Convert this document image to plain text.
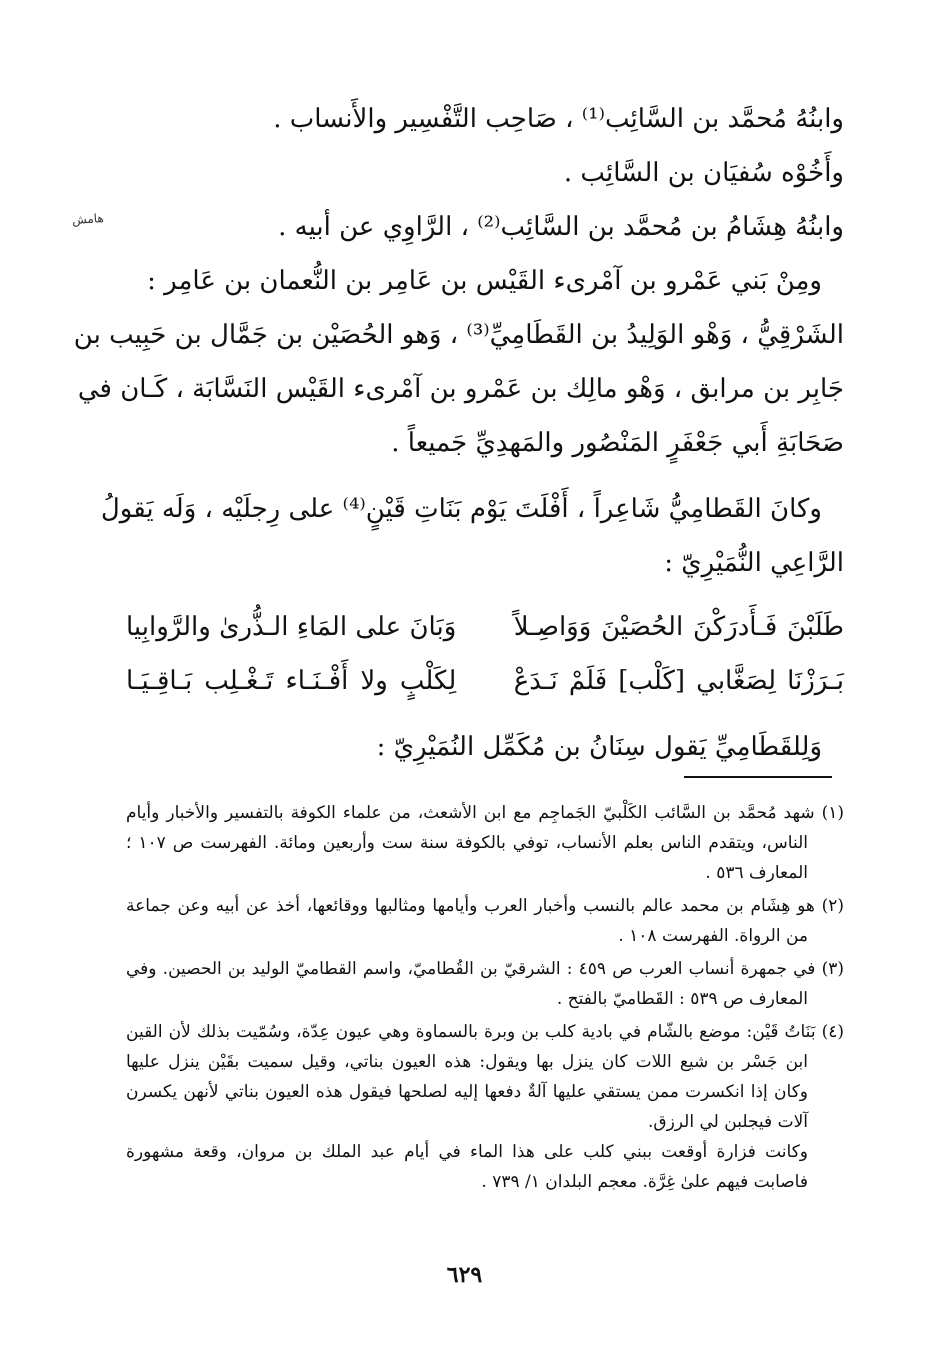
وابنُهُ مُحمَّد بن السَّائِب⁽¹⁾ ، صَاحِب التَّفْسِير والأَنساب .
وأَخُوْه سُفيَان بن السَّائِب .
وابنُهُ هِشَامُ بن مُحمَّد بن السَّائِب⁽²⁾ ، الرَّاوِي عن أبيه .
ومِنْ بَني عَمْرو بن آمْرىء القَيْس بن عَامِر بن النُّعمان بن عَامِر :
الشَرْقِيُّ ، وَهْو الوَلِيدُ بن القَطَامِيِّ⁽³⁾ ، وَهو الحُصَيْن بن جَمَّال بن حَبِيب بن
جَابِر بن مرابق ، وَهْو مالِك بن عَمْرو بن آمْرىء القَيْس النَسَّابَة ، كَـان في
صَحَابَةِ أَبي جَعْفَرٍ المَنْصُور والمَهدِيِّ جَميعاً .
وكانَ القَطامِيُّ شَاعِراً ، أَفْلَتَ يَوْم بَنَاتِ قَيْنٍ⁽⁴⁾ على رِجلَيْه ، وَلَه يَقولُ
الرَّاعِي النُّمَيْرِيّ :
طَلَبْنَ فَـأَدرَكْنَ الحُصَيْنَ وَوَاصِـلاً
وَبَانَ على المَاءِ الـذُّرىٰ والرَّوابِيا
بَـرَزْنَا لِصَغَّابي [كَلْب] فَلَمْ نَـدَعْ
لِكَلْبٍ ولا أَفْـنَـاء تَـغْـلِب بَـاقِـيَـا
وَلِلقَطَامِيِّ يَقول سِنَانُ بن مُكَمِّل النُمَيْرِيّ :
هامش
(١) شهد مُحمَّد بن السَّائب الكَلْبيّ الجَماجِم مع ابن الأشعث، من علماء الكوفة بالتفسير والأخبار وأيام
الناس، ويتقدم الناس بعلم الأنساب، توفي بالكوفة سنة ست وأربعين ومائة. الفهرست ص ١٠٧ ؛
المعارف ٥٣٦ .
(٢) هو هِشَام بن محمد عالم بالنسب وأخبار العرب وأيامها ومثالبها ووقائعها، أخذ عن أبيه وعن جماعة
من الرواة. الفهرست ١٠٨ .
(٣) في جمهرة أنساب العرب ص ٤٥٩ : الشرقيّ بن القُطاميّ، واسم القطاميّ الوليد بن الحصين. وفي
المعارف ص ٥٣٩ : القَطاميّ بالفتح .
(٤) بَنَاتُ قَيْن: موضع بالشّام في بادية كلب بن وبرة بالسماوة وهي عيون عِدّة، وسُمّيت بذلك لأن القين
ابن جَسْر بن شيع اللات كان ينزل بها ويقول: هذه العيون بناتي، وقيل سميت بقَيْن ينزل عليها
وكان إذا انكسرت ممن يستقي عليها آلةٌ دفعها إليه لصلحها فيقول هذه العيون بناتي لأنهن يكسرن
آلات فيجلبن لي الرزق.
وكانت فزارة أوقعت ببني كلب على هذا الماء في أيام عبد الملك بن مروان، وقعة مشهورة
فاصابت فيهم علىٰ غِرَّة. معجم البلدان ١/ ٧٣٩ .
٦٢٩
